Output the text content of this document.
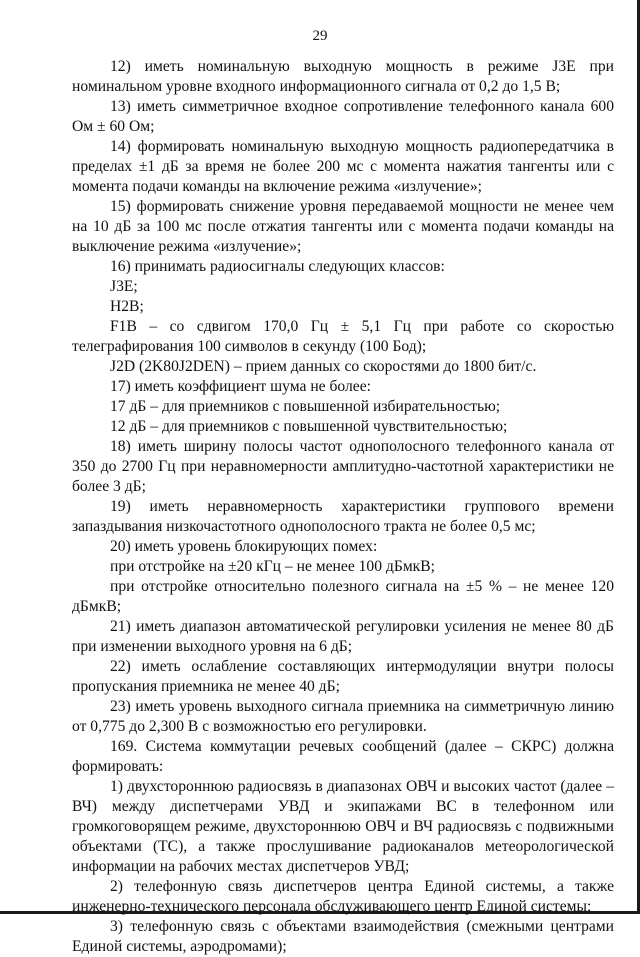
29

12) иметь номинальную выходную мощность в режиме J3E при номинальном уровне входного информационного сигнала от 0,2 до 1,5 В;

13) иметь симметричное входное сопротивление телефонного канала 600 Ом ± 60 Ом;

14) формировать номинальную выходную мощность радиопередатчика в пределах ±1 дБ за время не более 200 мс с момента нажатия тангенты или с момента подачи команды на включение режима «излучение»;

15) формировать снижение уровня передаваемой мощности не менее чем на 10 дБ за 100 мс после отжатия тангенты или с момента подачи команды на выключение режима «излучение»;

16) принимать радиосигналы следующих классов:

J3E;

H2B;

F1B – со сдвигом 170,0 Гц ± 5,1 Гц при работе со скоростью телеграфирования 100 символов в секунду (100 Бод);

J2D (2K80J2DEN) – прием данных со скоростями до 1800 бит/с.

17) иметь коэффициент шума не более:

17 дБ – для приемников с повышенной избирательностью;

12 дБ – для приемников с повышенной чувствительностью;

18) иметь ширину полосы частот однополосного телефонного канала от 350 до 2700 Гц при неравномерности амплитудно-частотной характеристики не более 3 дБ;

19) иметь неравномерность характеристики группового времени запаздывания низкочастотного однополосного тракта не более 0,5 мс;

20) иметь уровень блокирующих помех:

при отстройке на ±20 кГц – не менее 100 дБмкВ;

при отстройке относительно полезного сигнала на ±5 % – не менее 120 дБмкВ;

21) иметь диапазон автоматической регулировки усиления не менее 80 дБ при изменении выходного уровня на 6 дБ;

22) иметь ослабление составляющих интермодуляции внутри полосы пропускания приемника не менее 40 дБ;

23) иметь уровень выходного сигнала приемника на симметричную линию от 0,775 до 2,300 В с возможностью его регулировки.

169. Система коммутации речевых сообщений (далее – СКРС) должна формировать:

1) двухстороннюю радиосвязь в диапазонах ОВЧ и высоких частот (далее – ВЧ) между диспетчерами УВД и экипажами ВС в телефонном или громкоговорящем режиме, двухстороннюю ОВЧ и ВЧ радиосвязь с подвижными объектами (ТС), а также прослушивание радиоканалов метеорологической информации на рабочих местах диспетчеров УВД;

2) телефонную связь диспетчеров центра Единой системы, а также инженерно-технического персонала обслуживающего центр Единой системы;

3) телефонную связь с объектами взаимодействия (смежными центрами Единой системы, аэродромами);
